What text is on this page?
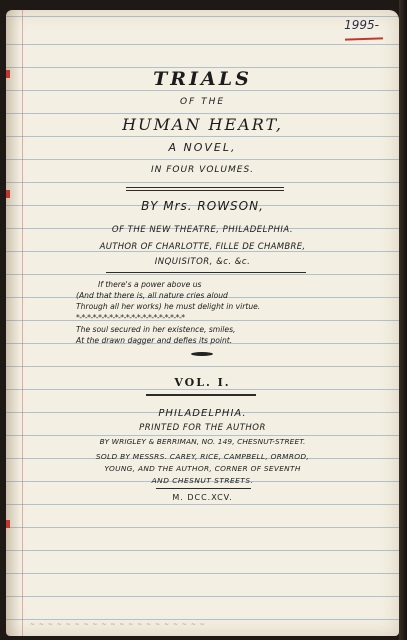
1995-
TRIALS
OF THE
HUMAN HEART,
A NOVEL,
IN FOUR VOLUMES.
BY Mrs. ROWSON,
OF THE NEW THEATRE, PHILADELPHIA.
AUTHOR OF CHARLOTTE, FILLE DE CHAMBRE,
INQUISITOR, &c. &c.
If there's a power above us
(And that there is, all nature cries aloud
Through all her works) he must delight in virtue.
*-*-*-*-*-*-*-*-*-*-*-*-*-*-*-*-*-*-*-*
The soul secured in her existence, smiles,
At the drawn dagger and defies its point.
VOL. I.
PHILADELPHIA.
PRINTED FOR THE AUTHOR
BY WRIGLEY & BERRIMAN, NO. 149, CHESNUT-STREET.
SOLD BY MESSRS. CAREY, RICE, CAMPBELL, ORMROD,
YOUNG, AND THE AUTHOR, CORNER OF SEVENTH
AND CHESNUT STREETS.
M. DCC.XCV.
~ ~ ~ ~ ~ ~ ~ ~ ~ ~ ~ ~ ~ ~ ~ ~ ~ ~ ~ ~
